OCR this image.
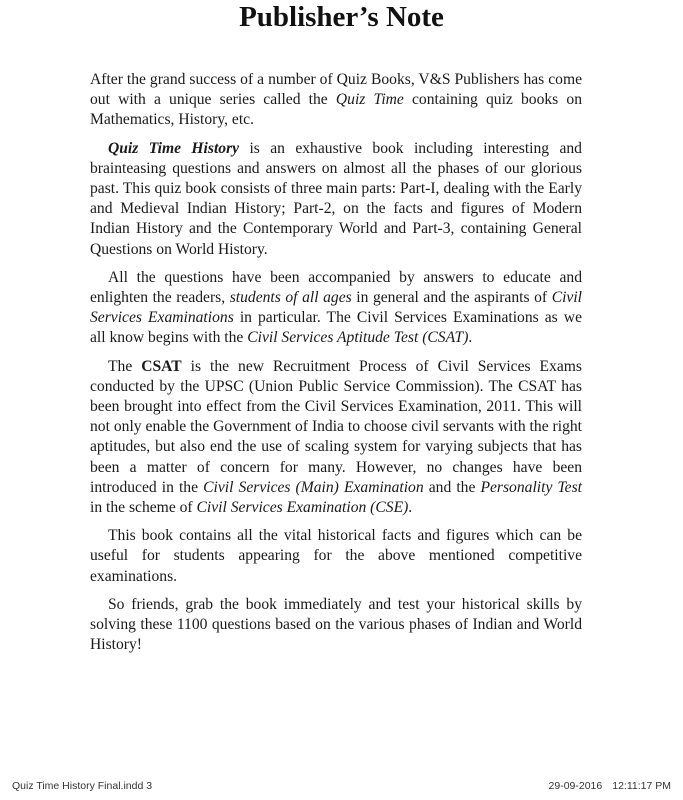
Publisher’s Note

After the grand success of a number of Quiz Books, V&S Publishers has come out with a unique series called the Quiz Time containing quiz books on Mathematics, History, etc.

Quiz Time History is an exhaustive book including interesting and brainteasing questions and answers on almost all the phases of our glorious past. This quiz book consists of three main parts: Part-I, dealing with the Early and Medieval Indian History; Part-2, on the facts and figures of Modern Indian History and the Contemporary World and Part-3, containing General Questions on World History.

All the questions have been accompanied by answers to educate and enlighten the readers, students of all ages in general and the aspirants of Civil Services Examinations in particular. The Civil Services Examinations as we all know begins with the Civil Services Aptitude Test (CSAT).

The CSAT is the new Recruitment Process of Civil Services Exams conducted by the UPSC (Union Public Service Commission). The CSAT has been brought into effect from the Civil Services Examination, 2011. This will not only enable the Government of India to choose civil servants with the right aptitudes, but also end the use of scaling system for varying subjects that has been a matter of concern for many. However, no changes have been introduced in the Civil Services (Main) Examination and the Personality Test in the scheme of Civil Services Examination (CSE).

This book contains all the vital historical facts and figures which can be useful for students appearing for the above mentioned competitive examinations.

So friends, grab the book immediately and test your historical skills by solving these 1100 questions based on the various phases of Indian and World History!

Quiz Time History Final.indd 3	29-09-2016 12:11:17 PM
